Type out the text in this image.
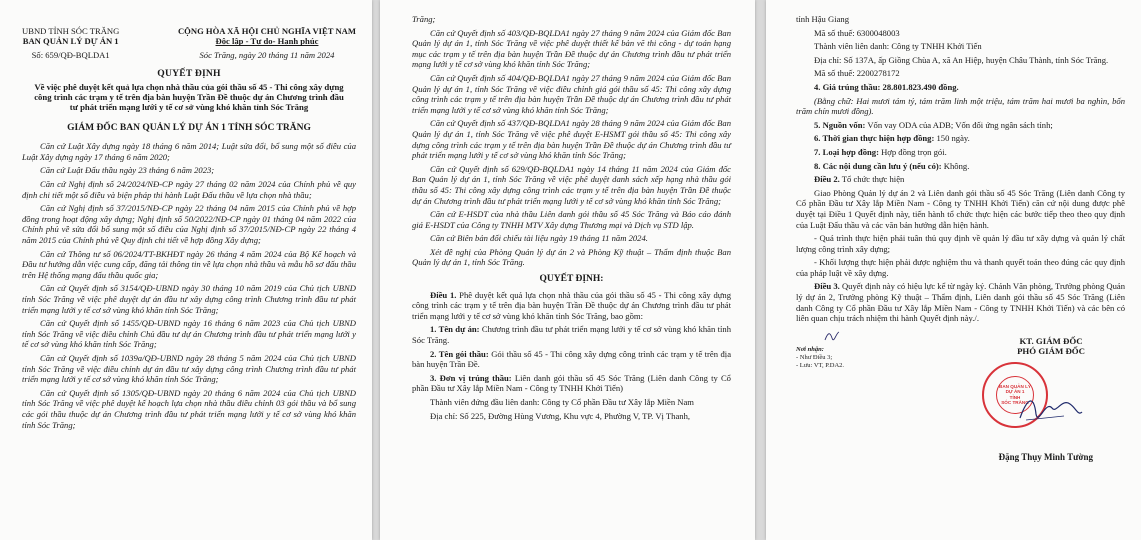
UBND TỈNH SÓC TRĂNG
BAN QUẢN LÝ DỰ ÁN 1
Số: 659/QĐ-BQLDA1
CỘNG HÒA XÃ HỘI CHỦ NGHĨA VIỆT NAM
Độc lập - Tự do- Hạnh phúc
Sóc Trăng, ngày 20 tháng 11 năm 2024
QUYẾT ĐỊNH
Về việc phê duyệt kết quả lựa chọn nhà thầu của gói thầu số 45 - Thi công xây dựng công trình các trạm y tế trên địa bàn huyện Trần Đề thuộc dự án Chương trình đầu tư phát triển mạng lưới y tế cơ sở vùng khó khăn tỉnh Sóc Trăng
GIÁM ĐỐC BAN QUẢN LÝ DỰ ÁN 1 TỈNH SÓC TRĂNG

Căn cứ Luật Xây dựng ngày 18 tháng 6 năm 2014; Luật sửa đổi, bổ sung một số điều của Luật Xây dựng ngày 17 tháng 6 năm 2020;

Căn cứ Luật Đấu thầu ngày 23 tháng 6 năm 2023;

Căn cứ Nghị định số 24/2024/NĐ-CP ngày 27 tháng 02 năm 2024 của Chính phủ về quy định chi tiết một số điều và biện pháp thi hành Luật Đấu thầu về lựa chọn nhà thầu;

Căn cứ Nghị định số 37/2015/NĐ-CP ngày 22 tháng 04 năm 2015 của Chính phủ về hợp đồng trong hoạt động xây dựng; Nghị định số 50/2022/NĐ-CP ngày 01 tháng 04 năm 2022 của Chính phủ về sửa đổi bổ sung một số điều của Nghị định số 37/2015/NĐ-CP ngày 22 tháng 4 năm 2015 của Chính phủ về Quy định chi tiết về hợp đồng Xây dựng;

Căn cứ Thông tư số 06/2024/TT-BKHĐT ngày 26 tháng 4 năm 2024 của Bộ Kế hoạch và Đầu tư hướng dẫn việc cung cấp, đăng tải thông tin về lựa chọn nhà thầu và mẫu hồ sơ đấu thầu trên Hệ thống mạng đấu thầu quốc gia;

Căn cứ Quyết định số 3154/QĐ-UBND ngày 30 tháng 10 năm 2019 của Chủ tịch UBND tỉnh Sóc Trăng về việc phê duyệt dự án đầu tư xây dựng công trình Chương trình đầu tư phát triển mạng lưới y tế cơ sở vùng khó khăn tỉnh Sóc Trăng;

Căn cứ Quyết định số 1455/QĐ-UBND ngày 16 tháng 6 năm 2023 của Chủ tịch UBND tỉnh Sóc Trăng về việc điều chỉnh Chủ đầu tư dự án Chương trình đầu tư phát triển mạng lưới y tế cơ sở vùng khó khăn tỉnh Sóc Trăng;

Căn cứ Quyết định số 1039a/QĐ-UBND ngày 28 tháng 5 năm 2024 của Chủ tịch UBND tỉnh Sóc Trăng về việc điều chỉnh dự án đầu tư xây dựng công trình Chương trình đầu tư phát triển mạng lưới y tế cơ sở vùng khó khăn tỉnh Sóc Trăng;

Căn cứ Quyết định số 1305/QĐ-UBND ngày 20 tháng 6 năm 2024 của Chủ tịch UBND tỉnh Sóc Trăng về việc phê duyệt kế hoạch lựa chọn nhà thầu điều chỉnh 03 gói thầu và bổ sung các gói thầu thuộc dự án Chương trình đầu tư phát triển mạng lưới y tế cơ sở vùng khó khăn tỉnh Sóc Trăng;

Trăng;

Căn cứ Quyết định số 403/QĐ-BQLDA1 ngày 27 tháng 9 năm 2024 của Giám đốc Ban Quản lý dự án 1, tỉnh Sóc Trăng về việc phê duyệt thiết kế bản vẽ thi công - dự toán hạng mục các trạm y tế trên địa bàn huyện Trần Đề thuộc dự án Chương trình đầu tư phát triển mạng lưới y tế cơ sở vùng khó khăn tỉnh Sóc Trăng;

Căn cứ Quyết định số 404/QĐ-BQLDA1 ngày 27 tháng 9 năm 2024 của Giám đốc Ban Quản lý dự án 1, tỉnh Sóc Trăng về việc điều chỉnh giá gói thầu số 45: Thi công xây dựng công trình các trạm y tế trên địa bàn huyện Trần Đề thuộc dự án Chương trình đầu tư phát triển mạng lưới y tế cơ sở vùng khó khăn tỉnh Sóc Trăng;

Căn cứ Quyết định số 437/QĐ-BQLDA1 ngày 28 tháng 9 năm 2024 của Giám đốc Ban Quản lý dự án 1, tỉnh Sóc Trăng về việc phê duyệt E-HSMT gói thầu số 45: Thi công xây dựng công trình các trạm y tế trên địa bàn huyện Trần Đề thuộc dự án Chương trình đầu tư phát triển mạng lưới y tế cơ sở vùng khó khăn tỉnh Sóc Trăng;

Căn cứ Quyết định số 629/QĐ-BQLDA1 ngày 14 tháng 11 năm 2024 của Giám đốc Ban Quản lý dự án 1, tỉnh Sóc Trăng về việc phê duyệt danh sách xếp hạng nhà thầu gói thầu số 45: Thi công xây dựng công trình các trạm y tế trên địa bàn huyện Trần Đề thuộc dự án Chương trình đầu tư phát triển mạng lưới y tế cơ sở vùng khó khăn tỉnh Sóc Trăng;

Căn cứ E-HSDT của nhà thầu Liên danh gói thầu số 45 Sóc Trăng và Báo cáo đánh giá E-HSDT của Công ty TNHH MTV Xây dựng Thương mại và Dịch vụ STD lập.

Căn cứ Biên bản đối chiếu tài liệu ngày 19 tháng 11 năm 2024.

Xét đề nghị của Phòng Quản lý dự án 2 và Phòng Kỹ thuật – Thẩm định thuộc Ban Quản lý dự án 1, tỉnh Sóc Trăng.

QUYẾT ĐỊNH:

Điều 1. Phê duyệt kết quả lựa chọn nhà thầu của gói thầu số 45 - Thi công xây dựng công trình các trạm y tế trên địa bàn huyện Trần Đề thuộc dự án Chương trình đầu tư phát triển mạng lưới y tế cơ sở vùng khó khăn tỉnh Sóc Trăng, bao gồm:

1. Tên dự án: Chương trình đầu tư phát triển mạng lưới y tế cơ sở vùng khó khăn tỉnh Sóc Trăng.

2. Tên gói thầu: Gói thầu số 45 - Thi công xây dựng công trình các trạm y tế trên địa bàn huyện Trần Đề.

3. Đơn vị trúng thầu: Liên danh gói thầu số 45 Sóc Trăng (Liên danh Công ty Cổ phần Đầu tư Xây lắp Miền Nam - Công ty TNHH Khởi Tiến)

Thành viên đứng đầu liên danh: Công ty Cổ phần Đầu tư Xây lắp Miền Nam

Địa chỉ: Số 225, Đường Hùng Vương, Khu vực 4, Phường V, TP. Vị Thanh,

tỉnh Hậu Giang

Mã số thuế: 6300048003

Thành viên liên danh: Công ty TNHH Khởi Tiến

Địa chỉ: Số 137A, ấp Giồng Chùa A, xã An Hiệp, huyện Châu Thành, tỉnh Sóc Trăng.

Mã số thuế: 2200278172

4. Giá trúng thầu: 28.801.823.490 đồng.

(Bằng chữ: Hai mươi tám tỷ, tám trăm linh một triệu, tám trăm hai mươi ba nghìn, bốn trăm chín mươi đồng).

5. Nguồn vốn: Vốn vay ODA của ADB; Vốn đối ứng ngân sách tỉnh;

6. Thời gian thực hiện hợp đồng: 150 ngày.

7. Loại hợp đồng: Hợp đồng trọn gói.

8. Các nội dung cần lưu ý (nếu có): Không.

Điều 2. Tổ chức thực hiện

Giao Phòng Quản lý dự án 2 và Liên danh gói thầu số 45 Sóc Trăng (Liên danh Công ty Cổ phần Đầu tư Xây lắp Miền Nam - Công ty TNHH Khởi Tiến) căn cứ nội dung được phê duyệt tại Điều 1 Quyết định này, tiến hành tổ chức thực hiện các bước tiếp theo theo quy định của Luật Đấu thầu và các văn bản hướng dẫn hiện hành.

- Quá trình thực hiện phải tuân thủ quy định về quản lý đầu tư xây dựng và quản lý chất lượng công trình xây dựng;

- Khối lượng thực hiện phải được nghiệm thu và thanh quyết toán theo đúng các quy định của pháp luật về xây dựng.

Điều 3. Quyết định này có hiệu lực kể từ ngày ký. Chánh Văn phòng, Trưởng phòng Quản lý dự án 2, Trưởng phòng Kỹ thuật – Thẩm định, Liên danh gói thầu số 45 Sóc Trăng (Liên danh Công ty Cổ phần Đầu tư Xây lắp Miền Nam - Công ty TNHH Khởi Tiến) và các bên có liên quan chịu trách nhiệm thi hành Quyết định này./.

Nơi nhận:
- Như Điều 3;
- Lưu: VT, P.DA2.
KT. GIÁM ĐỐC
PHÓ GIÁM ĐỐC
BAN QUẢN LÝ
DỰ ÁN 1
TỈNH
SÓC TRĂNG
Đặng Thụy Minh Tường
